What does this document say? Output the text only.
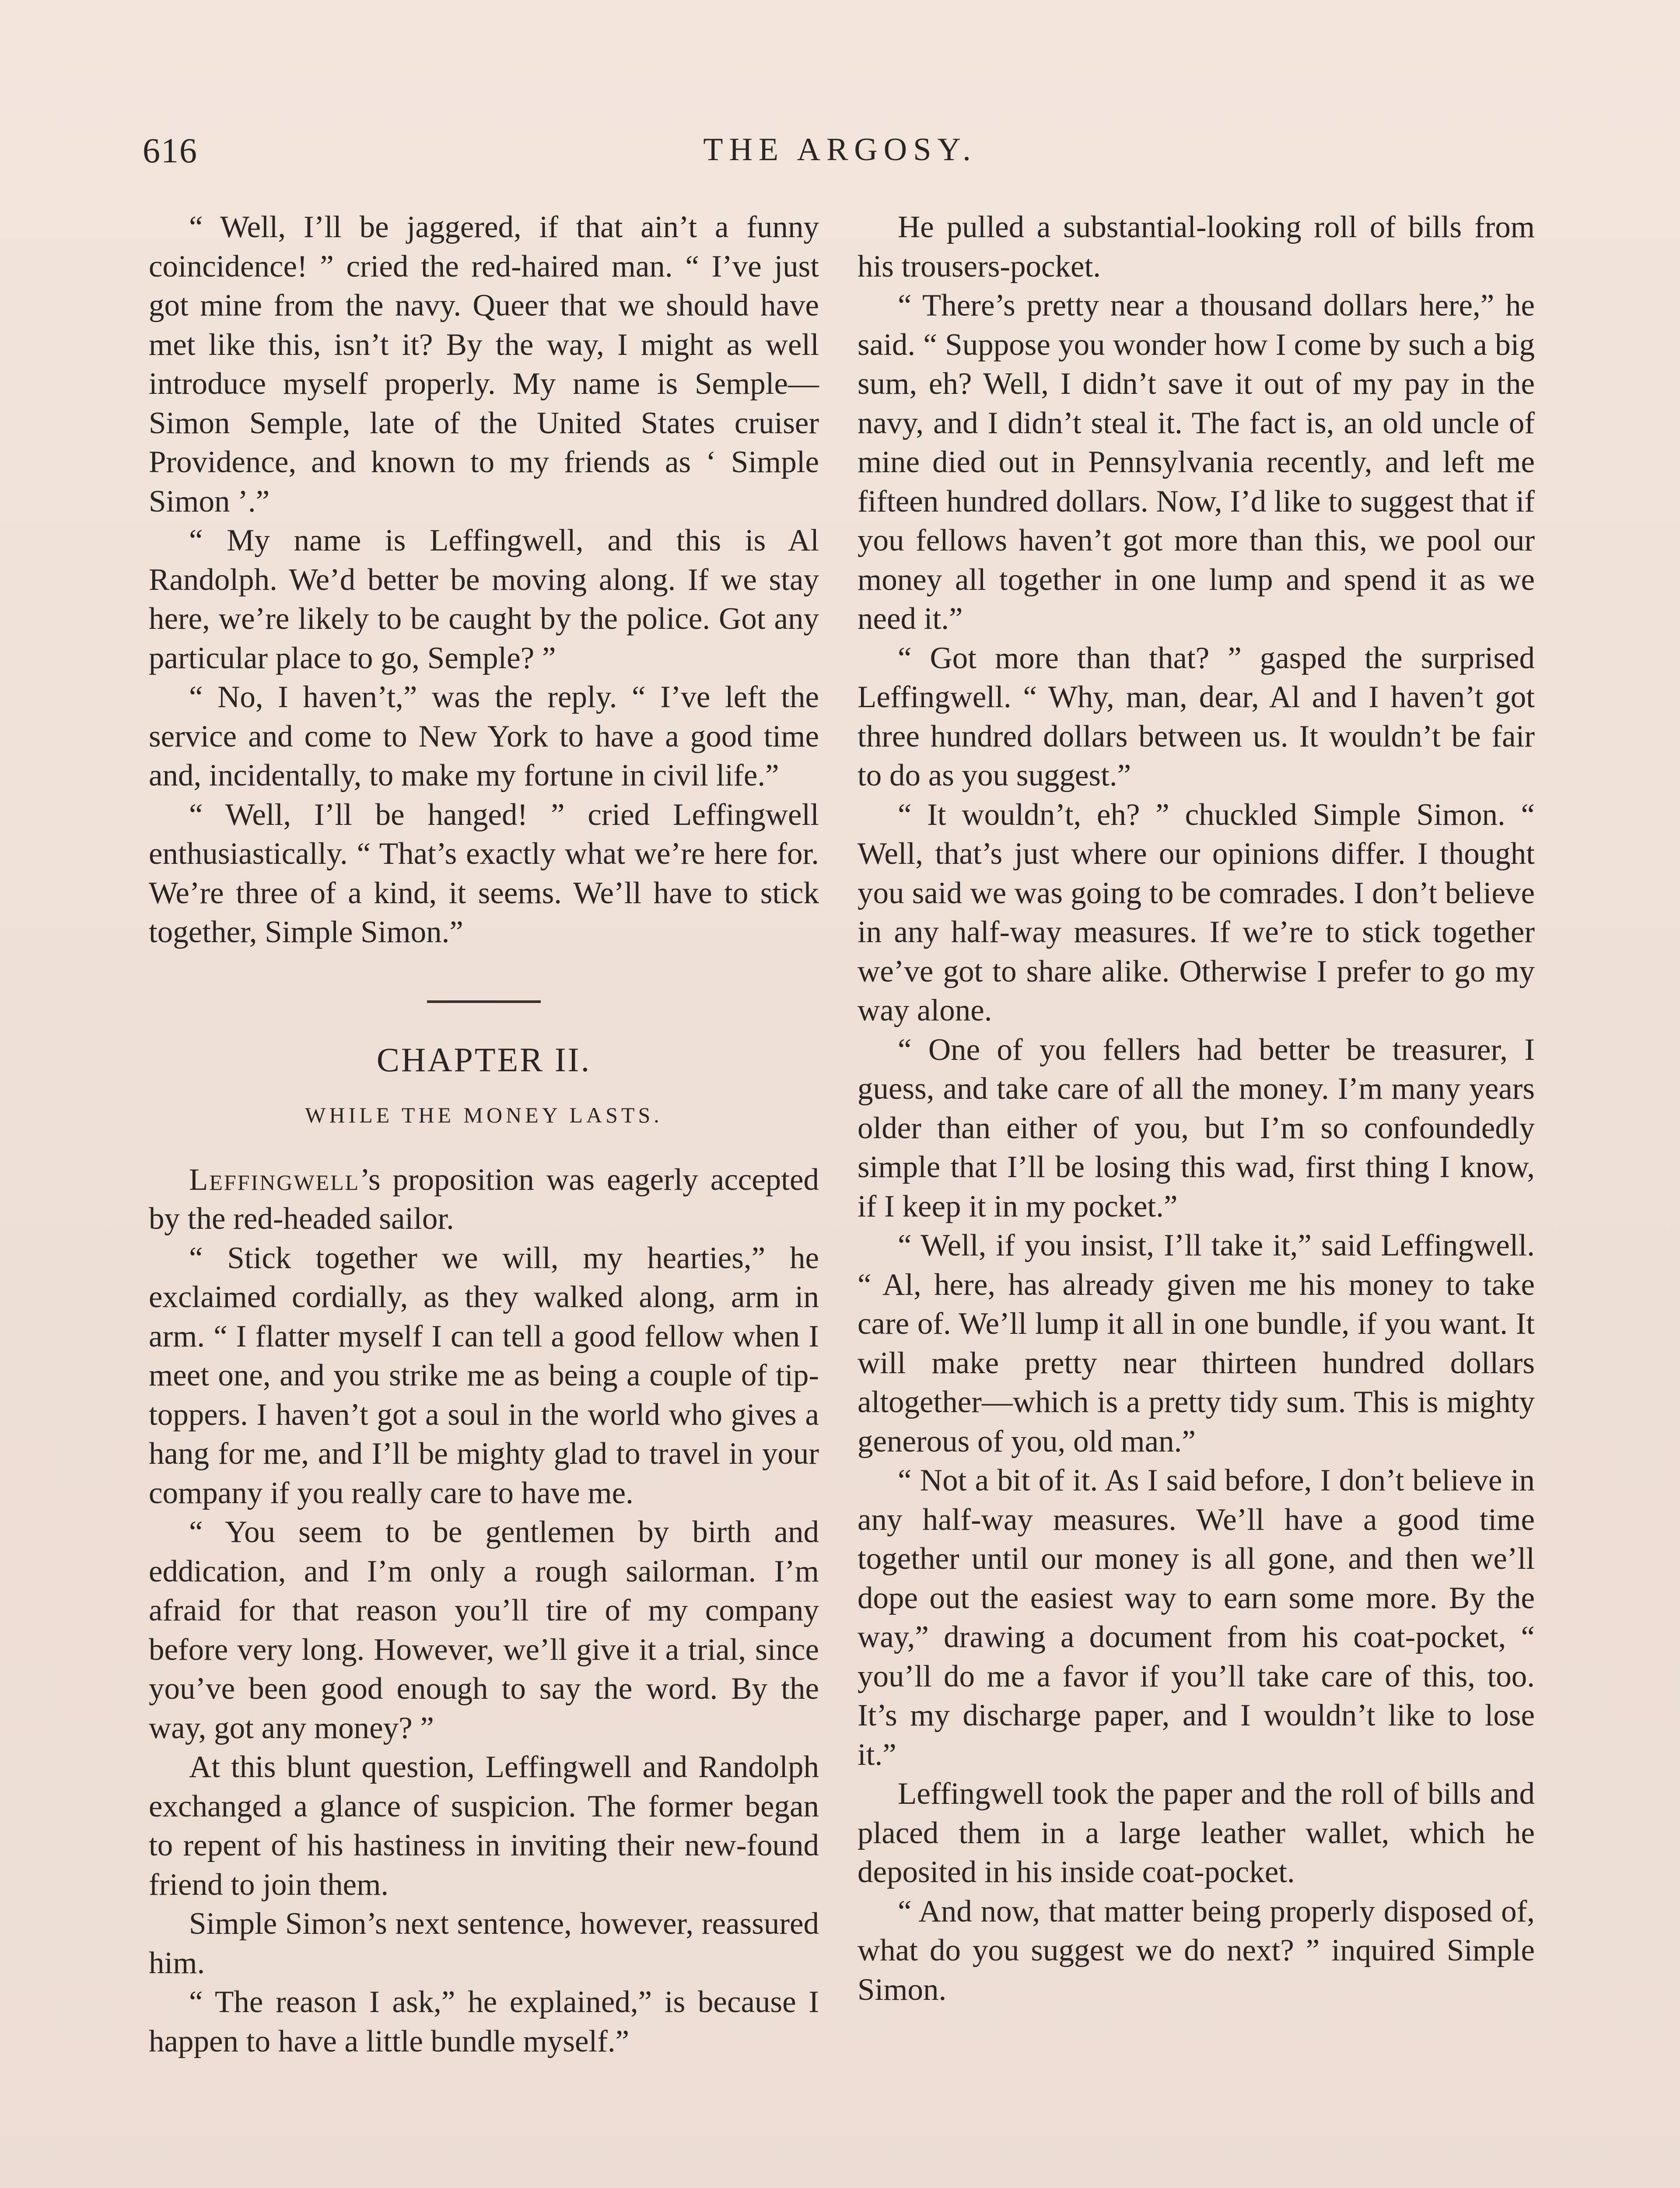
616	THE ARGOSY.

“ Well, I’ll be jaggered, if that ain’t a funny coincidence! ” cried the red-haired man. “ I’ve just got mine from the navy. Queer that we should have met like this, isn’t it? By the way, I might as well introduce myself properly. My name is Semple—Simon Semple, late of the United States cruiser Providence, and known to my friends as ‘ Simple Simon ’.”

“ My name is Leffingwell, and this is Al Randolph. We’d better be moving along. If we stay here, we’re likely to be caught by the police. Got any particular place to go, Semple? ”

“ No, I haven’t,” was the reply. “ I’ve left the service and come to New York to have a good time and, incidentally, to make my fortune in civil life.”

“ Well, I’ll be hanged! ” cried Leffingwell enthusiastically. “ That’s exactly what we’re here for. We’re three of a kind, it seems. We’ll have to stick together, Simple Simon.”

CHAPTER II.
WHILE THE MONEY LASTS.

Leffingwell’s proposition was eagerly accepted by the red-headed sailor.

“ Stick together we will, my hearties,” he exclaimed cordially, as they walked along, arm in arm. “ I flatter myself I can tell a good fellow when I meet one, and you strike me as being a couple of tip-toppers. I haven’t got a soul in the world who gives a hang for me, and I’ll be mighty glad to travel in your company if you really care to have me.

“ You seem to be gentlemen by birth and eddication, and I’m only a rough sailorman. I’m afraid for that reason you’ll tire of my company before very long. However, we’ll give it a trial, since you’ve been good enough to say the word. By the way, got any money? ”

At this blunt question, Leffingwell and Randolph exchanged a glance of suspicion. The former began to repent of his hastiness in inviting their new-found friend to join them.

Simple Simon’s next sentence, however, reassured him.

“ The reason I ask,” he explained,” is because I happen to have a little bundle myself.”

He pulled a substantial-looking roll of bills from his trousers-pocket.

“ There’s pretty near a thousand dollars here,” he said. “ Suppose you wonder how I come by such a big sum, eh? Well, I didn’t save it out of my pay in the navy, and I didn’t steal it. The fact is, an old uncle of mine died out in Pennsylvania recently, and left me fifteen hundred dollars. Now, I’d like to suggest that if you fellows haven’t got more than this, we pool our money all together in one lump and spend it as we need it.”

“ Got more than that? ” gasped the surprised Leffingwell. “ Why, man, dear, Al and I haven’t got three hundred dollars between us. It wouldn’t be fair to do as you suggest.”

“ It wouldn’t, eh? ” chuckled Simple Simon. “ Well, that’s just where our opinions differ. I thought you said we was going to be comrades. I don’t believe in any half-way measures. If we’re to stick together we’ve got to share alike. Otherwise I prefer to go my way alone.

“ One of you fellers had better be treasurer, I guess, and take care of all the money. I’m many years older than either of you, but I’m so confoundedly simple that I’ll be losing this wad, first thing I know, if I keep it in my pocket.”

“ Well, if you insist, I’ll take it,” said Leffingwell. “ Al, here, has already given me his money to take care of. We’ll lump it all in one bundle, if you want. It will make pretty near thirteen hundred dollars altogether—which is a pretty tidy sum. This is mighty generous of you, old man.”

“ Not a bit of it. As I said before, I don’t believe in any half-way measures. We’ll have a good time together until our money is all gone, and then we’ll dope out the easiest way to earn some more. By the way,” drawing a document from his coat-pocket, “ you’ll do me a favor if you’ll take care of this, too. It’s my discharge paper, and I wouldn’t like to lose it.”

Leffingwell took the paper and the roll of bills and placed them in a large leather wallet, which he deposited in his inside coat-pocket.

“ And now, that matter being properly disposed of, what do you suggest we do next? ” inquired Simple Simon.
